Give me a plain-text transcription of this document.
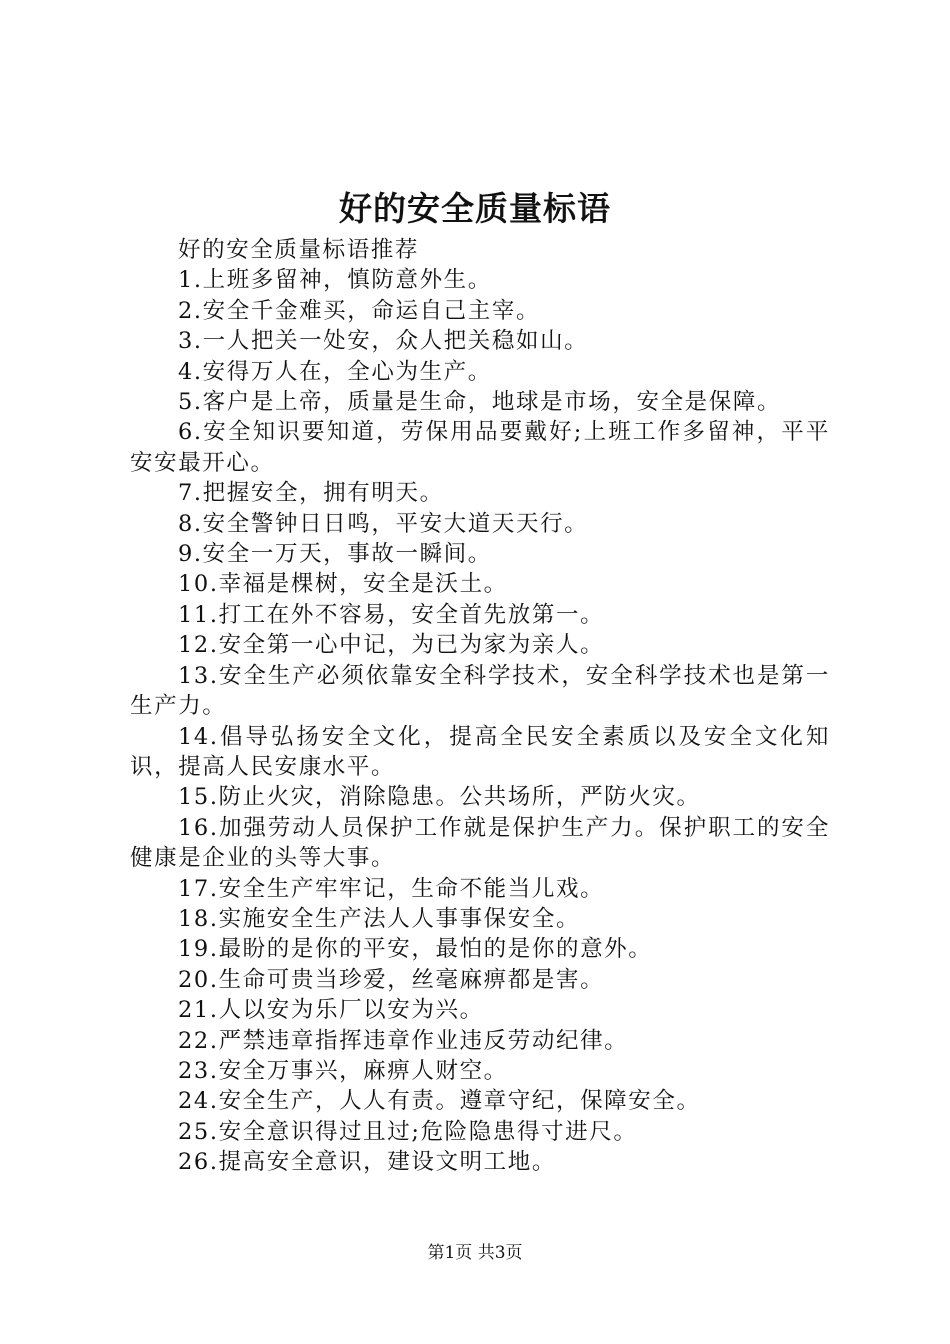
好的安全质量标语

好的安全质量标语推荐

1.上班多留神，慎防意外生。

2.安全千金难买，命运自己主宰。

3.一人把关一处安，众人把关稳如山。

4.安得万人在，全心为生产。

5.客户是上帝，质量是生命，地球是市场，安全是保障。

6.安全知识要知道，劳保用品要戴好;上班工作多留神，平平安安最开心。

7.把握安全，拥有明天。

8.安全警钟日日鸣，平安大道天天行。

9.安全一万天，事故一瞬间。

10.幸福是棵树，安全是沃土。

11.打工在外不容易，安全首先放第一。

12.安全第一心中记，为已为家为亲人。

13.安全生产必须依靠安全科学技术，安全科学技术也是第一生产力。

14.倡导弘扬安全文化，提高全民安全素质以及安全文化知识，提高人民安康水平。

15.防止火灾，消除隐患。公共场所，严防火灾。

16.加强劳动人员保护工作就是保护生产力。保护职工的安全健康是企业的头等大事。

17.安全生产牢牢记，生命不能当儿戏。

18.实施安全生产法人人事事保安全。

19.最盼的是你的平安，最怕的是你的意外。

20.生命可贵当珍爱，丝毫麻痹都是害。

21.人以安为乐厂以安为兴。

22.严禁违章指挥违章作业违反劳动纪律。

23.安全万事兴，麻痹人财空。

24.安全生产，人人有责。遵章守纪，保障安全。

25.安全意识得过且过;危险隐患得寸进尺。

26.提高安全意识，建设文明工地。

第1页 共3页
